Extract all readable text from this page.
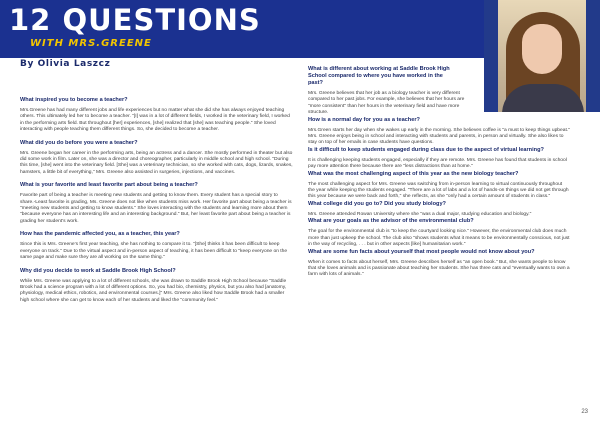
12 QUESTIONS
WITH MRS.GREENE
By Olivia Laszcz

What inspired you to become a teacher?

Mrs.Greene has had many different jobs and life experiences but no matter what she did she has always enjoyed teaching others. This ultimately led her to become a teacher. "[I] was in a lot of different fields, I worked in the veterinary field, I worked in the performing arts field. But throughout [her] experiences, [she] realized that [she] was teaching people." She loved interacting with people teaching them different things. So, she decided to become a teacher.

What did you do before you were a teacher?

Mrs. Greene began her career in the performing arts, being an actress and a dancer. She mostly performed in theater but also did some work in film. Later on, she was a director and choreographer, particularly in middle school and high school. "During this time, [she] went into the veterinary field. [She] was a veterinary technician, so she worked with cats, dogs, lizards, snakes, hamsters, a little bit of everything," Mrs. Greene also assisted in surgeries, injections, and vaccines.

What is your favorite and least favorite part about being a teacher?

Favorite part of being a teacher is meeting new students and getting to know them. Every student has a special story to share.-Least favorite is grading, Ms. Greene does not like when students miss work. Her favorite part about being a teacher is "meeting new students and getting to know students." She loves interacting with the students and learning more about them "because everyone has an interesting life and an interesting background." But, her least favorite part about being a teacher is grading her student's work.

How has the pandemic affected you, as a teacher, this year?

Since this is Mrs. Greene's first year teaching, she has nothing to compare it to. "[She] thinks it has been difficult to keep everyone on track." Due to the virtual aspect and in-person aspect of teaching, it has been difficult to "keep everyone on the same page and make sure they are all working on the same thing."

Why did you decide to work at Saddle Brook High School?

While Mrs. Greene was applying to a lot of different schools, she was drawn to Saddle Brook High School because "Saddle Brook had a science program with a lot of different options. So, you had bio, chemistry, physics, but you also had [anatomy, physiology, medical ethics, robotics, and environmental courses.]" Mrs. Greene also liked how Saddle Brook had a smaller high school where she can get to know each of her students and liked the "community feel."

What is different about working at Saddle Brook High School compared to where you have worked in the past?

Mrs. Greene believes that her job as a biology teacher is very different compared to her past jobs. For example, she believes that her hours are "more consistent" than her hours in the veterinary field and have more structure.

How is a normal day for you as a teacher?

Mrs.Green starts her day when she wakes up early in the morning. She believes coffee is "a must to keep things upbeat." Mrs. Greene enjoys being in school and interacting with students and parents, in person and virtually. She also likes to stay on top of her emails in case students have questions.

Is it difficult to keep students engaged during class due to the aspect of virtual learning?

It is challenging keeping students engaged, especially if they are remote. Mrs. Greene has found that students in school pay more attention there because there are "less distractions than at home."

What was the most challenging aspect of this year as the new biology teacher?

The most challenging aspect for Mrs. Greene was switching from in-person learning to virtual continuously throughout the year while keeping the students engaged. "There are a lot of labs and a lot of hands-on things we did not get through this year because we were back and forth," she reflects, as she "only had a certain amount of students in class."

What college did you go to? Did you study biology?

Mrs. Greene attended Rowan University where she "was a dual major, studying education and biology."

What are your goals as the advisor of the environmental club?

The goal for the environmental club is "to keep the courtyard looking nice." However, the environmental club does much more than just upkeep the school. The club also "shows students what it means to be environmentally conscious, not just in the way of recycling, . . . but in other aspects [like] humanitarian work."

What are some fun facts about yourself that most people would not know about you?

When it comes to facts about herself, Mrs. Greene describes herself as "an open book." But, she wants people to know that she loves animals and is passionate about teaching her students. She has three cats and "eventually wants to own a farm with lots of animals."

23
